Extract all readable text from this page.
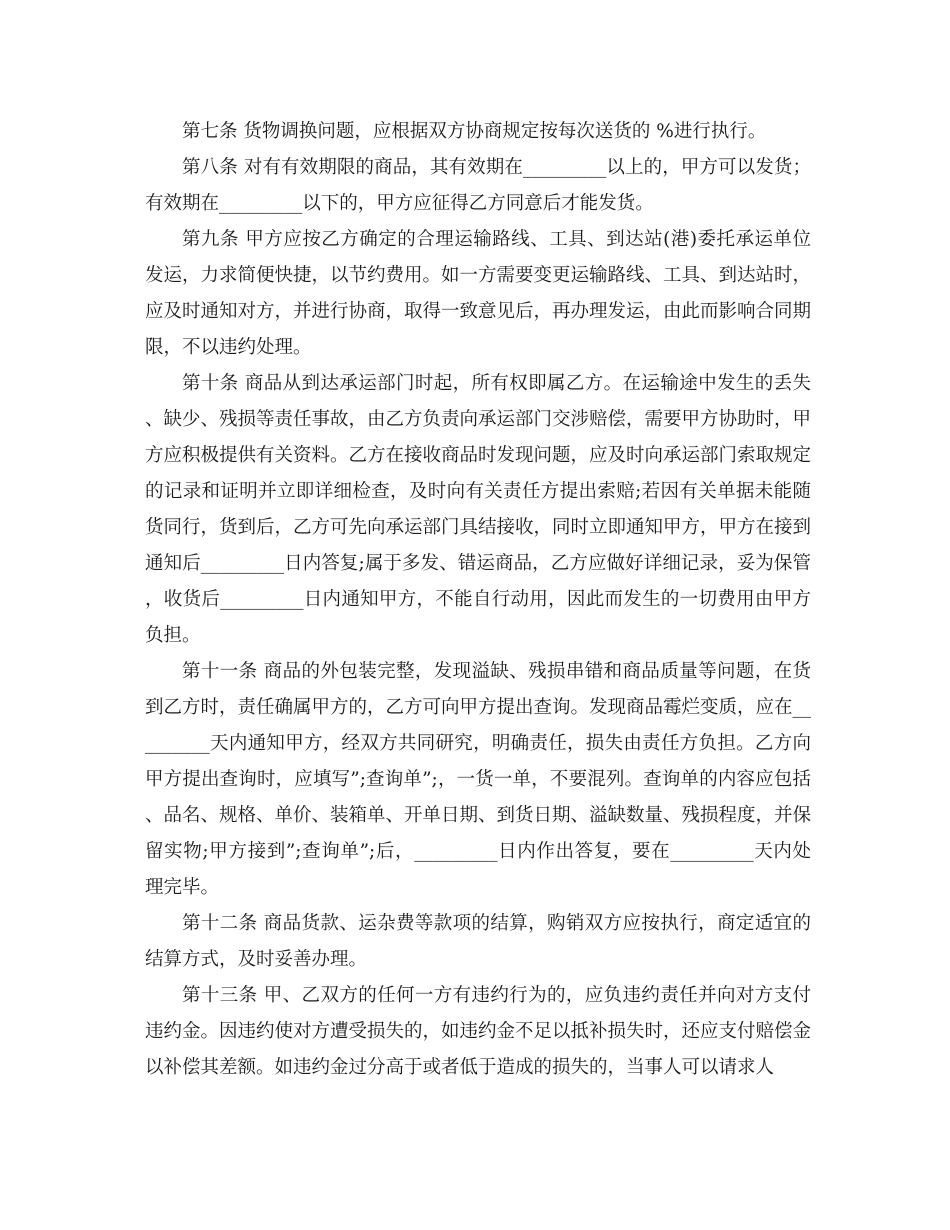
第七条 货物调换问题，应根据双方协商规定按每次送货的 %进行执行。

第八条 对有有效期限的商品，其有效期在_________以上的，甲方可以发货；有效期在_________以下的，甲方应征得乙方同意后才能发货。

第九条 甲方应按乙方确定的合理运输路线、工具、到达站(港)委托承运单位发运，力求简便快捷，以节约费用。如一方需要变更运输路线、工具、到达站时，应及时通知对方，并进行协商，取得一致意见后，再办理发运，由此而影响合同期限，不以违约处理。

第十条 商品从到达承运部门时起，所有权即属乙方。在运输途中发生的丢失、缺少、残损等责任事故，由乙方负责向承运部门交涉赔偿，需要甲方协助时，甲方应积极提供有关资料。乙方在接收商品时发现问题，应及时向承运部门索取规定的记录和证明并立即详细检查，及时向有关责任方提出索赔;若因有关单据未能随货同行，货到后，乙方可先向承运部门具结接收，同时立即通知甲方，甲方在接到通知后_________日内答复;属于多发、错运商品，乙方应做好详细记录，妥为保管，收货后_________日内通知甲方，不能自行动用，因此而发生的一切费用由甲方负担。

第十一条 商品的外包装完整，发现溢缺、残损串错和商品质量等问题，在货到乙方时，责任确属甲方的，乙方可向甲方提出查询。发现商品霉烂变质，应在_________天内通知甲方，经双方共同研究，明确责任，损失由责任方负担。乙方向甲方提出查询时，应填写”;查询单”;，一货一单，不要混列。查询单的内容应包括、品名、规格、单价、装箱单、开单日期、到货日期、溢缺数量、残损程度，并保留实物;甲方接到”;查询单”;后，_________日内作出答复，要在_________天内处理完毕。

第十二条 商品货款、运杂费等款项的结算，购销双方应按执行，商定适宜的结算方式，及时妥善办理。

第十三条 甲、乙双方的任何一方有违约行为的，应负违约责任并向对方支付违约金。因违约使对方遭受损失的，如违约金不足以抵补损失时，还应支付赔偿金以补偿其差额。如违约金过分高于或者低于造成的损失的，当事人可以请求人
